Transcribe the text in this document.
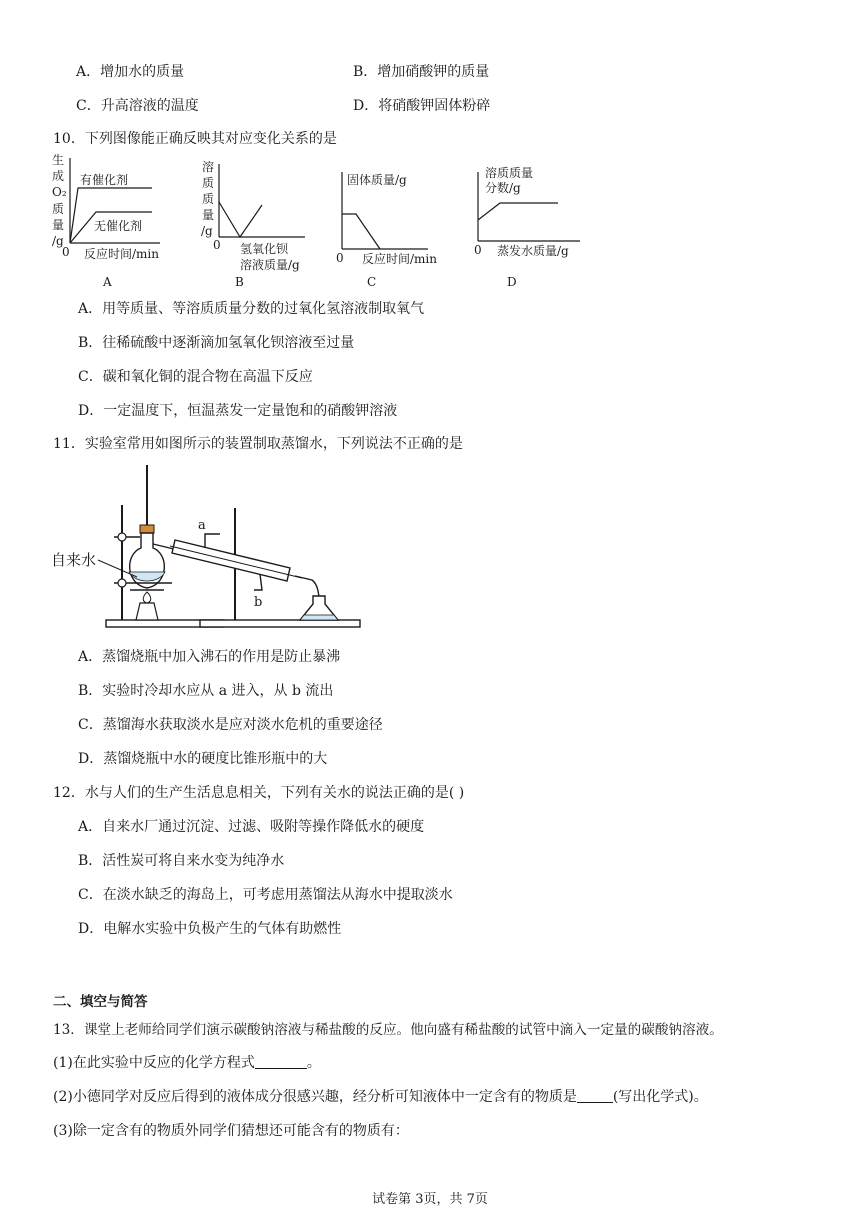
A．增加水的质量	B．增加硝酸钾的质量
C．升高溶液的温度	D．将硝酸钾固体粉碎
10．下列图像能正确反映其对应变化关系的是
生
成
O₂
质
量
/g
有催化剂
无催化剂
0 反应时间/min
A
溶
质
质
量
/g
0 氢氧化钡
溶液质量/g
B
固体质量/g
0 反应时间/min
C
溶质质量
分数/g
0 蒸发水质量/g
D
A．用等质量、等溶质质量分数的过氧化氢溶液制取氧气
B．往稀硫酸中逐渐滴加氢氧化钡溶液至过量
C．碳和氧化铜的混合物在高温下反应
D．一定温度下，恒温蒸发一定量饱和的硝酸钾溶液
11．实验室常用如图所示的装置制取蒸馏水，下列说法不正确的是
自来水
a
b
A．蒸馏烧瓶中加入沸石的作用是防止暴沸
B．实验时冷却水应从 a 进入，从 b 流出
C．蒸馏海水获取淡水是应对淡水危机的重要途径
D．蒸馏烧瓶中水的硬度比锥形瓶中的大
12．水与人们的生产生活息息相关，下列有关水的说法正确的是( )
A．自来水厂通过沉淀、过滤、吸附等操作降低水的硬度
B．活性炭可将自来水变为纯净水
C．在淡水缺乏的海岛上，可考虑用蒸馏法从海水中提取淡水
D．电解水实验中负极产生的气体有助燃性
二、填空与简答
13．课堂上老师给同学们演示碳酸钠溶液与稀盐酸的反应。他向盛有稀盐酸的试管中滴入一定量的碳酸钠溶液。
(1)在此实验中反应的化学方程式	。
(2)小德同学对反应后得到的液体成分很感兴趣，经分析可知液体中一定含有的物质是	(写出化学式)。
(3)除一定含有的物质外同学们猜想还可能含有的物质有：
试卷第 3页，共 7页
